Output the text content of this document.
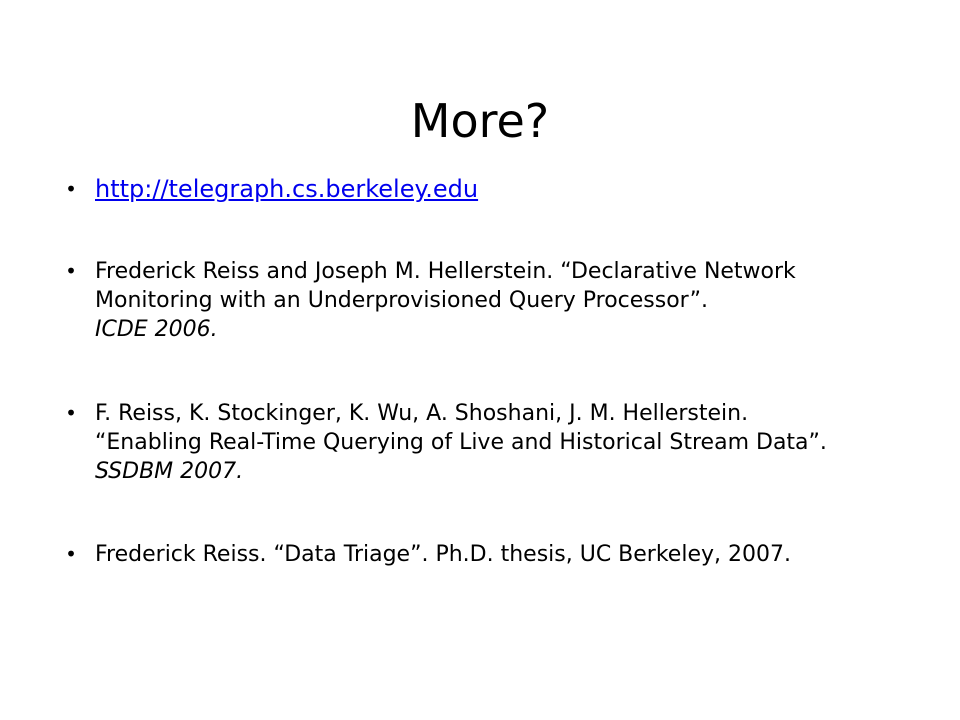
More?
• http://telegraph.cs.berkeley.edu
• Frederick Reiss and Joseph M. Hellerstein. “Declarative Network
Monitoring with an Underprovisioned Query Processor”.
ICDE 2006.
• F. Reiss, K. Stockinger, K. Wu, A. Shoshani, J. M. Hellerstein.
“Enabling Real-Time Querying of Live and Historical Stream Data”.
SSDBM 2007.
• Frederick Reiss. “Data Triage”. Ph.D. thesis, UC Berkeley, 2007.
